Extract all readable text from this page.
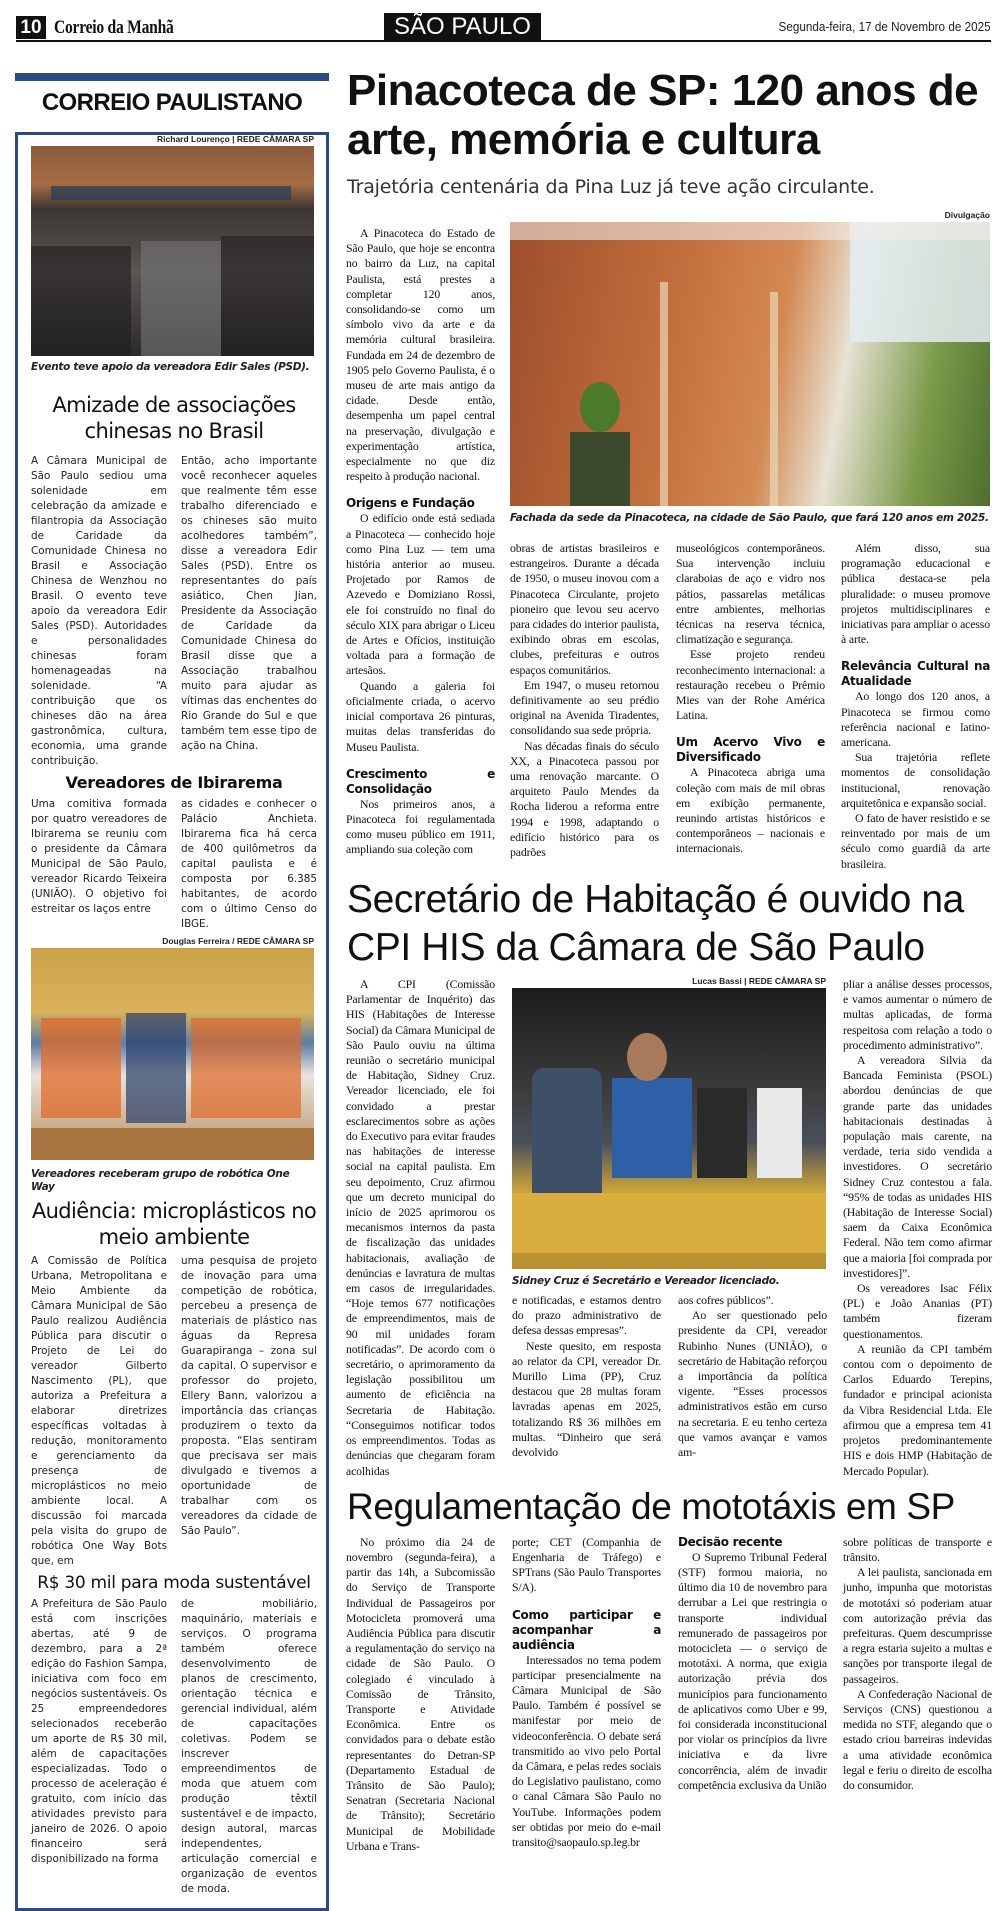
10 Correio da Manhã	SÃO PAULO	Segunda-feira, 17 de Novembro de 2025
CORREIO PAULISTANO
Richard Lourenço | REDE CÂMARA SP
Evento teve apoio da vereadora Edir Sales (PSD).
Amizade de associações chinesas no Brasil

A Câmara Municipal de São Paulo sediou uma solenidade em celebração da amizade e filantropia da Associação de Caridade da Comunidade Chinesa no Brasil e Associação Chinesa de Wenzhou no Brasil. O evento teve apoio da vereadora Edir Sales (PSD). Autoridades e personalidades chinesas foram homenageadas na solenidade. “A contribuição que os chineses dão na área gastronômica, cultura, economia, uma grande contribuição.

Então, acho importante você reconhecer aqueles que realmente têm esse trabalho diferenciado e os chineses são muito acolhedores também”, disse a vereadora Edir Sales (PSD). Entre os representantes do país asiático, Chen Jian, Presidente da Associação de Caridade da Comunidade Chinesa do Brasil disse que a Associação trabalhou muito para ajudar as vítimas das enchentes do Rio Grande do Sul e que também tem esse tipo de ação na China.

Vereadores de Ibirarema

Uma comitiva formada por quatro vereadores de Ibirarema se reuniu com o presidente da Câmara Municipal de São Paulo, vereador Ricardo Teixeira (UNIÃO). O objetivo foi estreitar os laços entre

as cidades e conhecer o Palácio Anchieta. Ibirarema fica há cerca de 400 quilômetros da capital paulista e é composta por 6.385 habitantes, de acordo com o último Censo do IBGE.

Douglas Ferreira / REDE CÂMARA SP
Vereadores receberam grupo de robótica One Way
Audiência: microplásticos no meio ambiente

A Comissão de Política Urbana, Metropolitana e Meio Ambiente da Câmara Municipal de São Paulo realizou Audiência Pública para discutir o Projeto de Lei do vereador Gilberto Nascimento (PL), que autoriza a Prefeitura a elaborar diretrizes específicas voltadas à redução, monitoramento e gerenciamento da presença de microplásticos no meio ambiente local. A discussão foi marcada pela visita do grupo de robótica One Way Bots que, em

uma pesquisa de projeto de inovação para uma competição de robótica, percebeu a presença de materiais de plástico nas águas da Represa Guarapiranga – zona sul da capital. O supervisor e professor do projeto, Ellery Bann, valorizou a importância das crianças produzirem o texto da proposta. “Elas sentiram que precisava ser mais divulgado e tivemos a oportunidade de trabalhar com os vereadores da cidade de São Paulo”.

R$ 30 mil para moda sustentável

A Prefeitura de São Paulo está com inscrições abertas, até 9 de dezembro, para a 2ª edição do Fashion Sampa, iniciativa com foco em negócios sustentáveis. Os 25 empreendedores selecionados receberão um aporte de R$ 30 mil, além de capacitações especializadas. Todo o processo de aceleração é gratuito, com início das atividades previsto para janeiro de 2026. O apoio financeiro será disponibilizado na forma

de mobiliário, maquinário, materiais e serviços. O programa também oferece desenvolvimento de planos de crescimento, orientação técnica e gerencial individual, além de capacitações coletivas. Podem se inscrever empreendimentos de moda que atuem com produção têxtil sustentável e de impacto, design autoral, marcas independentes, articulação comercial e organização de eventos de moda.

Pinacoteca de SP: 120 anos de arte, memória e cultura
Trajetória centenária da Pina Luz já teve ação circulante.
Divulgação
Fachada da sede da Pinacoteca, na cidade de São Paulo, que fará 120 anos em 2025.

A Pinacoteca do Estado de São Paulo, que hoje se encontra no bairro da Luz, na capital Paulista, está prestes a completar 120 anos, consolidando-se como um símbolo vivo da arte e da memória cultural brasileira. Fundada em 24 de dezembro de 1905 pelo Governo Paulista, é o museu de arte mais antigo da cidade. Desde então, desempenha um papel central na preservação, divulgação e experimentação artística, especialmente no que diz respeito à produção nacional.

Origens e Fundação

O edifício onde está sediada a Pinacoteca — conhecido hoje como Pina Luz — tem uma história anterior ao museu. Projetado por Ramos de Azevedo e Domiziano Rossi, ele foi construído no final do século XIX para abrigar o Liceu de Artes e Ofícios, instituição voltada para a formação de artesãos.

Quando a galeria foi oficialmente criada, o acervo inicial comportava 26 pinturas, muitas delas transferidas do Museu Paulista.

Crescimento e Consolidação

Nos primeiros anos, a Pinacoteca foi regulamentada como museu público em 1911, ampliando sua coleção com

obras de artistas brasileiros e estrangeiros. Durante a década de 1950, o museu inovou com a Pinacoteca Circulante, projeto pioneiro que levou seu acervo para cidades do interior paulista, exibindo obras em escolas, clubes, prefeituras e outros espaços comunitários.

Em 1947, o museu retornou definitivamente ao seu prédio original na Avenida Tiradentes, consolidando sua sede própria.

Nas décadas finais do século XX, a Pinacoteca passou por uma renovação marcante. O arquiteto Paulo Mendes da Rocha liderou a reforma entre 1994 e 1998, adaptando o edifício histórico para os padrões

museológicos contemporâneos. Sua intervenção incluiu claraboias de aço e vidro nos pátios, passarelas metálicas entre ambientes, melhorias técnicas na reserva técnica, climatização e segurança.

Esse projeto rendeu reconhecimento internacional: a restauração recebeu o Prêmio Mies van der Rohe América Latina.

Um Acervo Vivo e Diversificado

A Pinacoteca abriga uma coleção com mais de mil obras em exibição permanente, reunindo artistas históricos e contemporâneos – nacionais e internacionais.

Além disso, sua programação educacional e pública destaca-se pela pluralidade: o museu promove projetos multidisciplinares e iniciativas para ampliar o acesso à arte.

Relevância Cultural na Atualidade

Ao longo dos 120 anos, a Pinacoteca se firmou como referência nacional e latino-americana.

Sua trajetória reflete momentos de consolidação institucional, renovação arquitetônica e expansão social.

O fato de haver resistido e se reinventado por mais de um século como guardiã da arte brasileira.

Secretário de Habitação é ouvido na CPI HIS da Câmara de São Paulo
Lucas Bassi | REDE CÂMARA SP
Sidney Cruz é Secretário e Vereador licenciado.

A CPI (Comissão Parlamentar de Inquérito) das HIS (Habitações de Interesse Social) da Câmara Municipal de São Paulo ouviu na última reunião o secretário municipal de Habitação, Sidney Cruz. Vereador licenciado, ele foi convidado a prestar esclarecimentos sobre as ações do Executivo para evitar fraudes nas habitações de interesse social na capital paulista. Em seu depoimento, Cruz afirmou que um decreto municipal do início de 2025 aprimorou os mecanismos internos da pasta de fiscalização das unidades habitacionais, avaliação de denúncias e lavratura de multas em casos de irregularidades. “Hoje temos 677 notificações de empreendimentos, mais de 90 mil unidades foram notificadas”. De acordo com o secretário, o aprimoramento da legislação possibilitou um aumento de eficiência na Secretaria de Habitação. “Conseguimos notificar todos os empreendimentos. Todas as denúncias que chegaram foram acolhidas

pliar a análise desses processos, e vamos aumentar o número de multas aplicadas, de forma respeitosa com relação a todo o procedimento administrativo”.

A vereadora Silvia da Bancada Feminista (PSOL) abordou denúncias de que grande parte das unidades habitacionais destinadas à população mais carente, na verdade, teria sido vendida a investidores. O secretário Sidney Cruz contestou a fala. “95% de todas as unidades HIS (Habitação de Interesse Social) saem da Caixa Econômica Federal. Não tem como afirmar que a maioria [foi comprada por investidores]”.

Os vereadores Isac Félix (PL) e João Ananias (PT) também fizeram questionamentos.

A reunião da CPI também contou com o depoimento de Carlos Eduardo Terepins, fundador e principal acionista da Vibra Residencial Ltda. Ele afirmou que a empresa tem 41 projetos predominantemente HIS e dois HMP (Habitação de Mercado Popular).

e notificadas, e estamos dentro do prazo administrativo de defesa dessas empresas”.

Neste quesito, em resposta ao relator da CPI, vereador Dr. Murillo Lima (PP), Cruz destacou que 28 multas foram lavradas apenas em 2025, totalizando R$ 36 milhões em multas. “Dinheiro que será devolvido

aos cofres públicos”.

Ao ser questionado pelo presidente da CPI, vereador Rubinho Nunes (UNIÃO), o secretário de Habitação reforçou a importância da política vigente. “Esses processos administrativos estão em curso na secretaria. E eu tenho certeza que vamos avançar e vamos am-

Regulamentação de mototáxis em SP

No próximo dia 24 de novembro (segunda-feira), a partir das 14h, a Subcomissão do Serviço de Transporte Individual de Passageiros por Motocicleta promoverá uma Audiência Pública para discutir a regulamentação do serviço na cidade de São Paulo. O colegiado é vinculado à Comissão de Trânsito, Transporte e Atividade Econômica. Entre os convidados para o debate estão representantes do Detran-SP (Departamento Estadual de Trânsito de São Paulo); Senatran (Secretaria Nacional de Trânsito); Secretário Municipal de Mobilidade Urbana e Trans-

porte; CET (Companhia de Engenharia de Tráfego) e SPTrans (São Paulo Transportes S/A).

Como participar e acompanhar a audiência

Interessados no tema podem participar presencialmente na Câmara Municipal de São Paulo. Também é possível se manifestar por meio de videoconferência. O debate será transmitido ao vivo pelo Portal da Câmara, e pelas redes sociais do Legislativo paulistano, como o canal Câmara São Paulo no YouTube. Informações podem ser obtidas por meio do e-mail transito@saopaulo.sp.leg.br

Decisão recente

O Supremo Tribunal Federal (STF) formou maioria, no último dia 10 de novembro para derrubar a Lei que restringia o transporte individual remunerado de passageiros por motocicleta — o serviço de mototáxi. A norma, que exigia autorização prévia dos municípios para funcionamento de aplicativos como Uber e 99, foi considerada inconstitucional por violar os princípios da livre iniciativa e da livre concorrência, além de invadir competência exclusiva da União

sobre políticas de transporte e trânsito.

A lei paulista, sancionada em junho, impunha que motoristas de mototáxi só poderiam atuar com autorização prévia das prefeituras. Quem descumprisse a regra estaria sujeito a multas e sanções por transporte ilegal de passageiros.

A Confederação Nacional de Serviços (CNS) questionou a medida no STF, alegando que o estado criou barreiras indevidas a uma atividade econômica legal e feriu o direito de escolha do consumidor.
